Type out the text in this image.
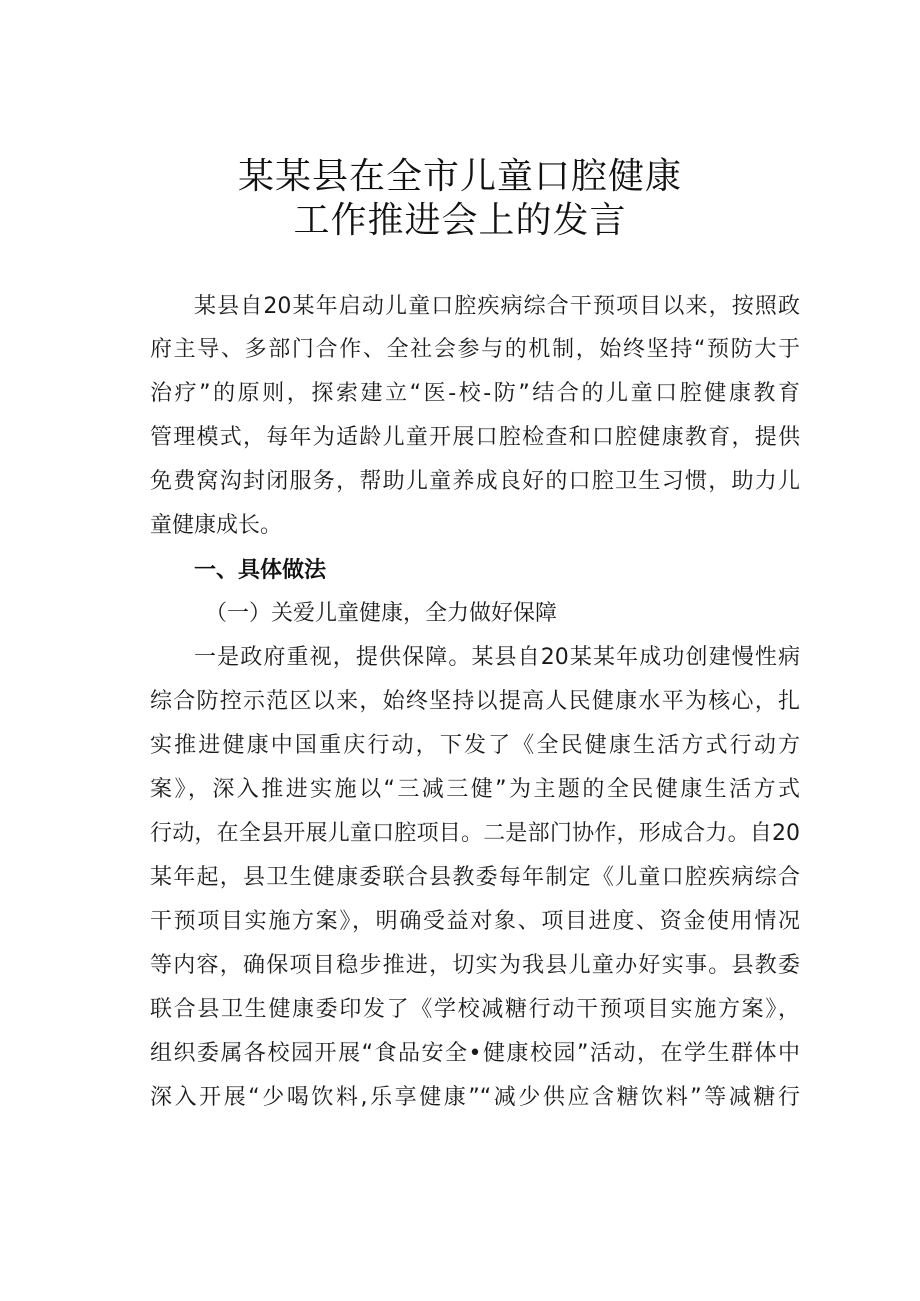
某某县在全市儿童口腔健康
工作推进会上的发言
某县自20某年启动儿童口腔疾病综合干预项目以来，按照政
府主导、多部门合作、全社会参与的机制，始终坚持“预防大于
治疗”的原则，探索建立“医-校-防”结合的儿童口腔健康教育
管理模式，每年为适龄儿童开展口腔检查和口腔健康教育，提供
免费窝沟封闭服务，帮助儿童养成良好的口腔卫生习惯，助力儿
童健康成长。
一、具体做法
（一）关爱儿童健康，全力做好保障
一是政府重视，提供保障。某县自20某某年成功创建慢性病
综合防控示范区以来，始终坚持以提高人民健康水平为核心，扎
实推进健康中国重庆行动，下发了《全民健康生活方式行动方
案》，深入推进实施以“三减三健”为主题的全民健康生活方式
行动，在全县开展儿童口腔项目。二是部门协作，形成合力。自20
某年起，县卫生健康委联合县教委每年制定《儿童口腔疾病综合
干预项目实施方案》，明确受益对象、项目进度、资金使用情况
等内容，确保项目稳步推进，切实为我县儿童办好实事。县教委
联合县卫生健康委印发了《学校减糖行动干预项目实施方案》，
组织委属各校园开展“食品安全•健康校园”活动，在学生群体中
深入开展“少喝饮料,乐享健康”“减少供应含糖饮料”等减糖行
